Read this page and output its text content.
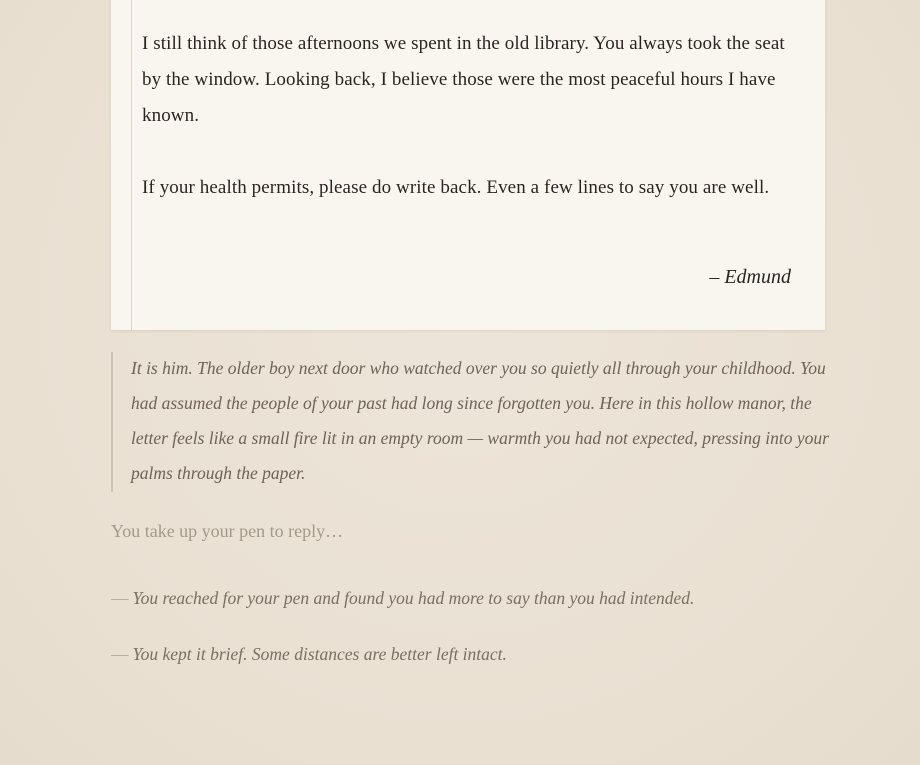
I still think of those afternoons we spent in the old library. You always took the seat by the window. Looking back, I believe those were the most peaceful hours I have known.
If your health permits, please do write back. Even a few lines to say you are well.
– Edmund

It is him. The older boy next door who watched over you so quietly all through your childhood. You had assumed the people of your past had long since forgotten you. Here in this hollow manor, the letter feels like a small fire lit in an empty room — warmth you had not expected, pressing into your palms through the paper.

You take up your pen to reply…
— You reached for your pen and found you had more to say than you had intended.
— You kept it brief. Some distances are better left intact.
